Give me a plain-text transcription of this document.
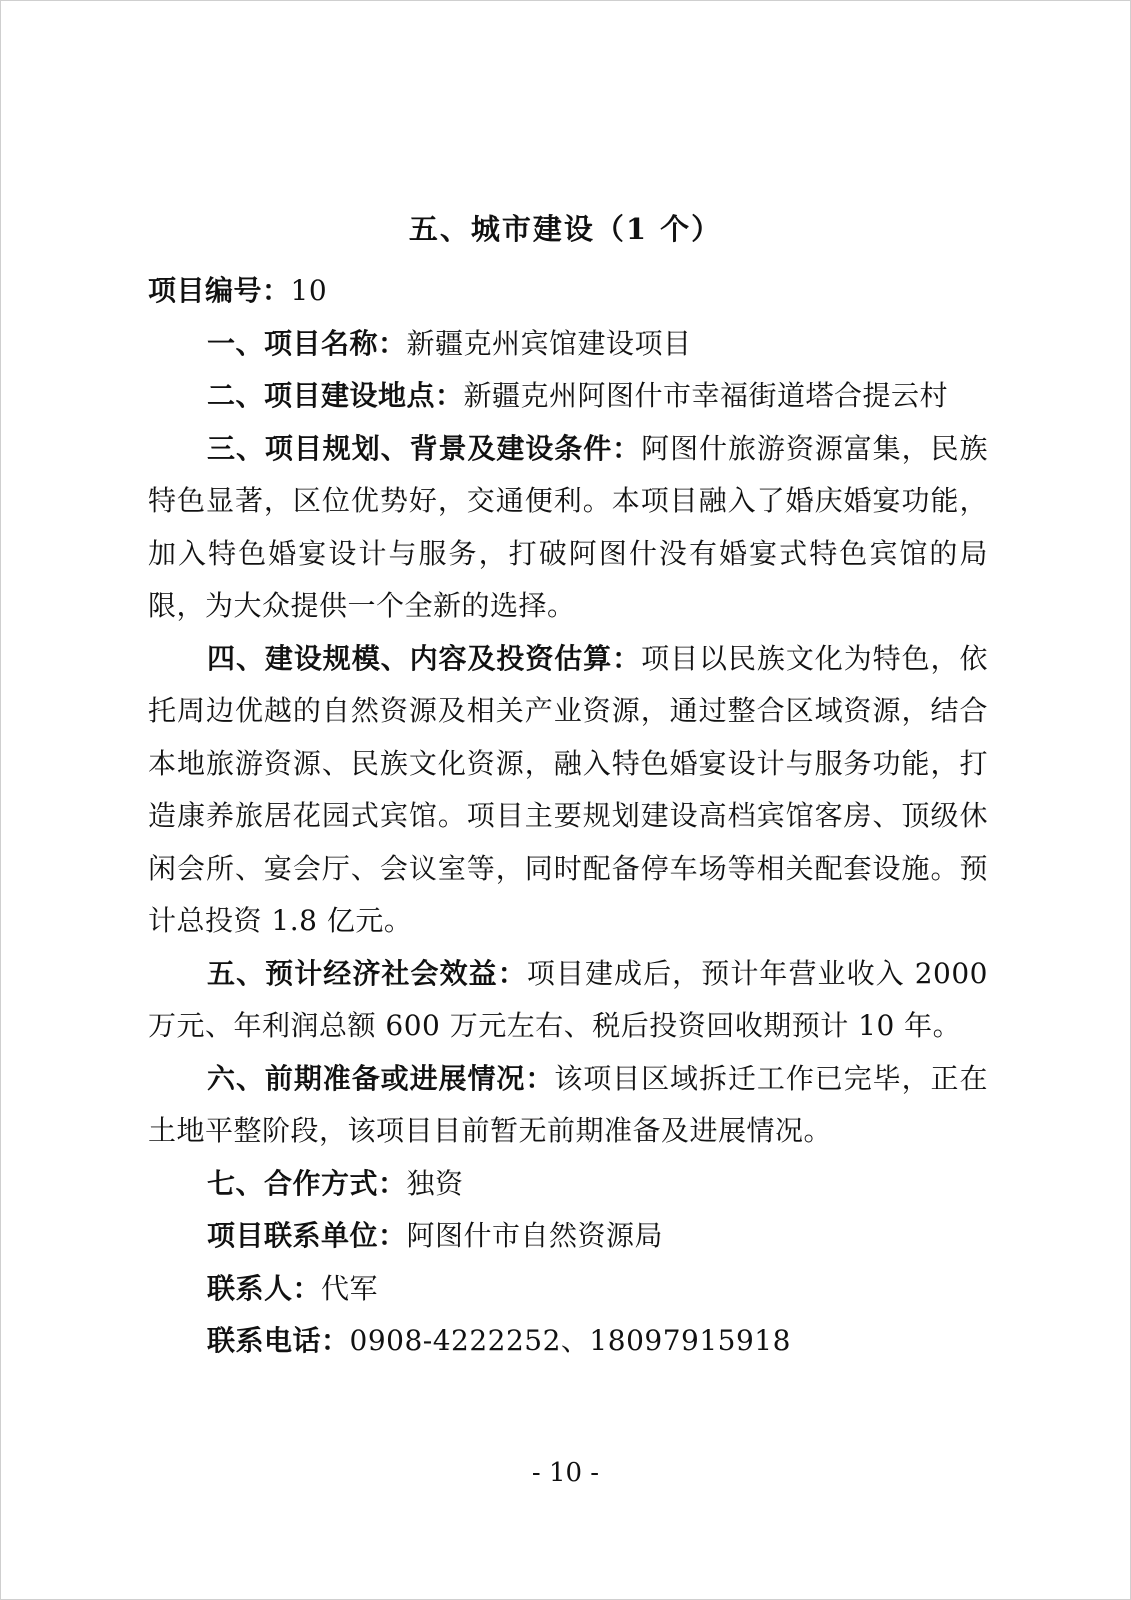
五、城市建设（1 个）

项目编号：10

一、项目名称：新疆克州宾馆建设项目

二、项目建设地点：新疆克州阿图什市幸福街道塔合提云村

三、项目规划、背景及建设条件：阿图什旅游资源富集，民族特色显著，区位优势好，交通便利。本项目融入了婚庆婚宴功能，加入特色婚宴设计与服务，打破阿图什没有婚宴式特色宾馆的局限，为大众提供一个全新的选择。

四、建设规模、内容及投资估算：项目以民族文化为特色，依托周边优越的自然资源及相关产业资源，通过整合区域资源，结合本地旅游资源、民族文化资源，融入特色婚宴设计与服务功能，打造康养旅居花园式宾馆。项目主要规划建设高档宾馆客房、顶级休闲会所、宴会厅、会议室等，同时配备停车场等相关配套设施。预计总投资 1.8 亿元。

五、预计经济社会效益：项目建成后，预计年营业收入 2000 万元、年利润总额 600 万元左右、税后投资回收期预计 10 年。

六、前期准备或进展情况：该项目区域拆迁工作已完毕，正在土地平整阶段，该项目目前暂无前期准备及进展情况。

七、合作方式：独资

项目联系单位：阿图什市自然资源局

联系人：代军

联系电话：0908-4222252、18097915918

- 10 -
